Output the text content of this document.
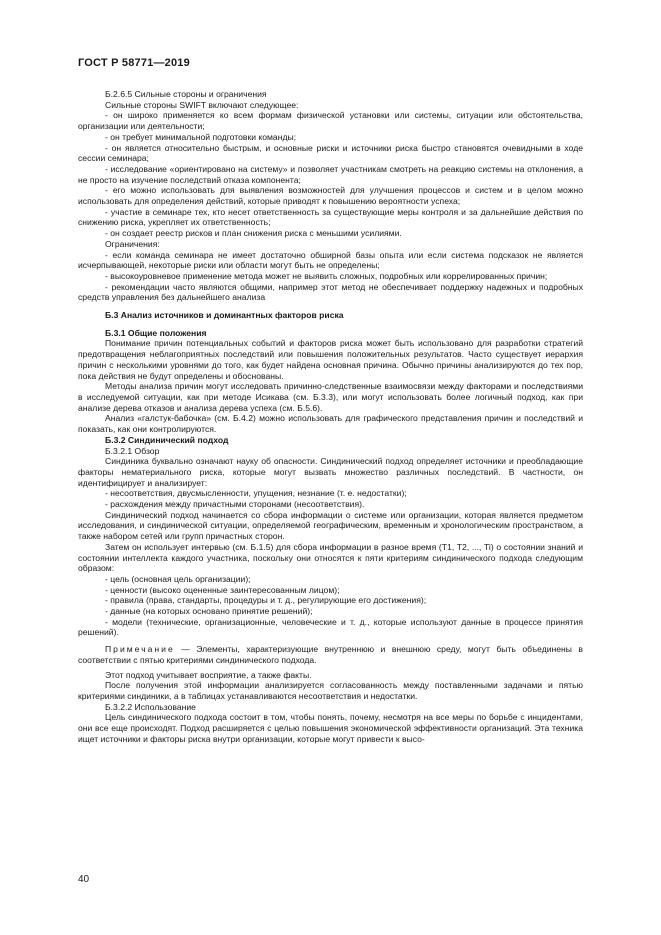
ГОСТ Р 58771—2019

Б.2.6.5 Сильные стороны и ограничения

Сильные стороны SWIFT включают следующее:

- он широко применяется ко всем формам физической установки или системы, ситуации или обстоятельства, организации или деятельности;

- он требует минимальной подготовки команды;

- он является относительно быстрым, и основные риски и источники риска быстро становятся очевидными в ходе сессии семинара;

- исследование «ориентировано на систему» и позволяет участникам смотреть на реакцию системы на отклонения, а не просто на изучение последствий отказа компонента;

- его можно использовать для выявления возможностей для улучшения процессов и систем и в целом можно использовать для определения действий, которые приводят к повышению вероятности успеха;

- участие в семинаре тех, кто несет ответственность за существующие меры контроля и за дальнейшие действия по снижению риска, укрепляет их ответственность;

- он создает реестр рисков и план снижения риска с меньшими усилиями.

Ограничения:

- если команда семинара не имеет достаточно обширной базы опыта или если система подсказок не является исчерпывающей, некоторые риски или области могут быть не определены;

- высокоуровневое применение метода может не выявить сложных, подробных или коррелированных причин;

- рекомендации часто являются общими, например этот метод не обеспечивает поддержку надежных и подробных средств управления без дальнейшего анализа

Б.3 Анализ источников и доминантных факторов риска

Б.3.1 Общие положения

Понимание причин потенциальных событий и факторов риска может быть использовано для разработки стратегий предотвращения неблагоприятных последствий или повышения положительных результатов. Часто существует иерархия причин с несколькими уровнями до того, как будет найдена основная причина. Обычно причины анализируются до тех пор, пока действия не будут определены и обоснованы.

Методы анализа причин могут исследовать причинно-следственные взаимосвязи между факторами и последствиями в исследуемой ситуации, как при методе Исикава (см. Б.3.3), или могут использовать более логичный подход, как при анализе дерева отказов и анализа дерева успеха (см. Б.5.6).

Анализ «галстук-бабочка» (см. Б.4.2) можно использовать для графического представления причин и последствий и показать, как они контролируются.

Б.3.2 Синдинический подход

Б.3.2.1 Обзор

Синдиника буквально означают науку об опасности. Синдинический подход определяет источники и преобладающие факторы нематериального риска, которые могут вызвать множество различных последствий. В частности, он идентифицирует и анализирует:

- несоответствия, двусмысленности, упущения, незнание (т. е. недостатки);

- расхождения между причастными сторонами (несоответствия).

Синдинический подход начинается со сбора информации о системе или организации, которая является предметом исследования, и синдинической ситуации, определяемой географическим, временным и хронологическим пространством, а также набором сетей или групп причастных сторон.

Затем он использует интервью (см. Б.1.5) для сбора информации в разное время (T1, T2, ..., Ti) о состоянии знаний и состоянии интеллекта каждого участника, поскольку они относятся к пяти критериям синдинического подхода следующим образом:

- цель (основная цель организации);

- ценности (высоко оцененные заинтересованным лицом);

- правила (права, стандарты, процедуры и т. д., регулирующие его достижения);

- данные (на которых основано принятие решений);

- модели (технические, организационные, человеческие и т. д., которые используют данные в процессе принятия решений).

Примечание — Элементы, характеризующие внутреннюю и внешнюю среду, могут быть объединены в соответствии с пятью критериями синдинического подхода.

Этот подход учитывает восприятие, а также факты.

После получения этой информации анализируется согласованность между поставленными задачами и пятью критериями синдиники, а в таблицах устанавливаются несоответствия и недостатки.

Б.3.2.2 Использование

Цель синдинического подхода состоит в том, чтобы понять, почему, несмотря на все меры по борьбе с инцидентами, они все еще происходят. Подход расширяется с целью повышения экономической эффективности организаций. Эта техника ищет источники и факторы риска внутри организации, которые могут привести к высо-

40
